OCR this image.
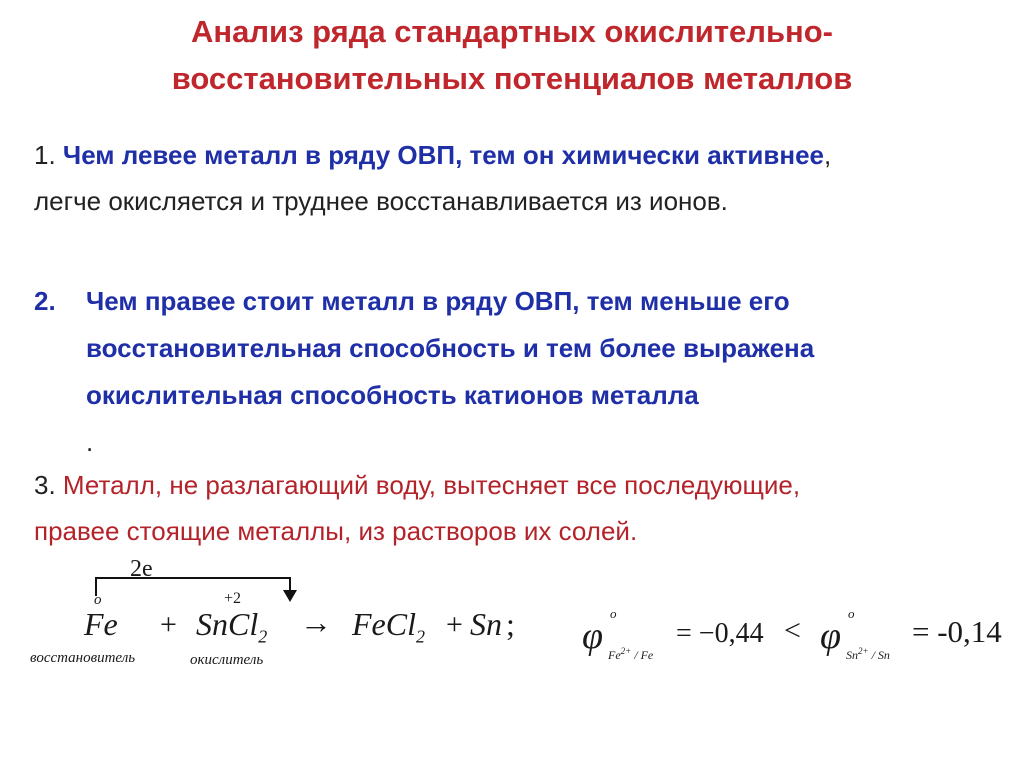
Анализ ряда стандартных окислительно-
восстановительных потенциалов металлов
1. Чем левее металл в ряду ОВП, тем он химически активнее,
легче окисляется и труднее восстанавливается из ионов.
2. Чем правее стоит металл в ряду ОВП, тем меньше его
восстановительная способность и тем более выражена
окислительная способность катионов металла
.
3. Металл, не разлагающий воду, вытесняет все последующие,
правее стоящие металлы, из растворов их солей.
2e
o	+2
Fe + SnCl$_2$ → FeCl$_2$ + Sn ;
восстановитель	окислитель
φ
o
$Fe^{2+}$ / Fe
= −0,44 < φ
o
$Sn^{2+}$ / Sn
= -0,14
